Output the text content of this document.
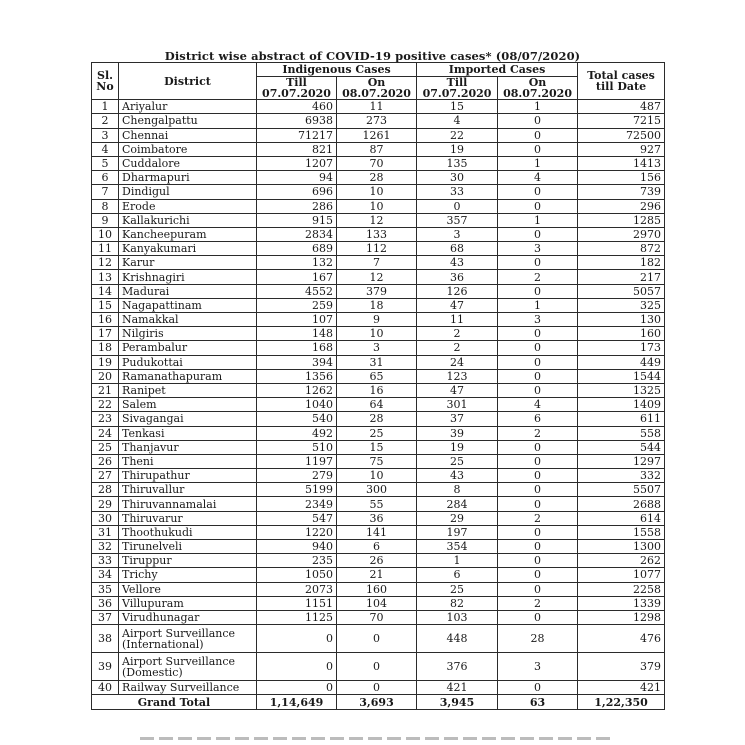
District wise abstract of COVID-19 positive cases* (08/07/2020)
Sl. No	District	Indigenous Cases		Imported Cases		Total cases till Date
		Till 07.07.2020	On 08.07.2020	Till 07.07.2020	On 08.07.2020	
1	Ariyalur	460	11	15	1	487
2	Chengalpattu	6938	273	4	0	7215
3	Chennai	71217	1261	22	0	72500
4	Coimbatore	821	87	19	0	927
5	Cuddalore	1207	70	135	1	1413
6	Dharmapuri	94	28	30	4	156
7	Dindigul	696	10	33	0	739
8	Erode	286	10	0	0	296
9	Kallakurichi	915	12	357	1	1285
10	Kancheepuram	2834	133	3	0	2970
11	Kanyakumari	689	112	68	3	872
12	Karur	132	7	43	0	182
13	Krishnagiri	167	12	36	2	217
14	Madurai	4552	379	126	0	5057
15	Nagapattinam	259	18	47	1	325
16	Namakkal	107	9	11	3	130
17	Nilgiris	148	10	2	0	160
18	Perambalur	168	3	2	0	173
19	Pudukottai	394	31	24	0	449
20	Ramanathapuram	1356	65	123	0	1544
21	Ranipet	1262	16	47	0	1325
22	Salem	1040	64	301	4	1409
23	Sivagangai	540	28	37	6	611
24	Tenkasi	492	25	39	2	558
25	Thanjavur	510	15	19	0	544
26	Theni	1197	75	25	0	1297
27	Thirupathur	279	10	43	0	332
28	Thiruvallur	5199	300	8	0	5507
29	Thiruvannamalai	2349	55	284	0	2688
30	Thiruvarur	547	36	29	2	614
31	Thoothukudi	1220	141	197	0	1558
32	Tirunelveli	940	6	354	0	1300
33	Tiruppur	235	26	1	0	262
34	Trichy	1050	21	6	0	1077
35	Vellore	2073	160	25	0	2258
36	Villupuram	1151	104	82	2	1339
37	Virudhunagar	1125	70	103	0	1298
38	Airport Surveillance (International)	0	0	448	28	476
39	Airport Surveillance (Domestic)	0	0	376	3	379
40	Railway Surveillance	0	0	421	0	421
Grand Total		1,14,649	3,693	3,945	63	1,22,350
